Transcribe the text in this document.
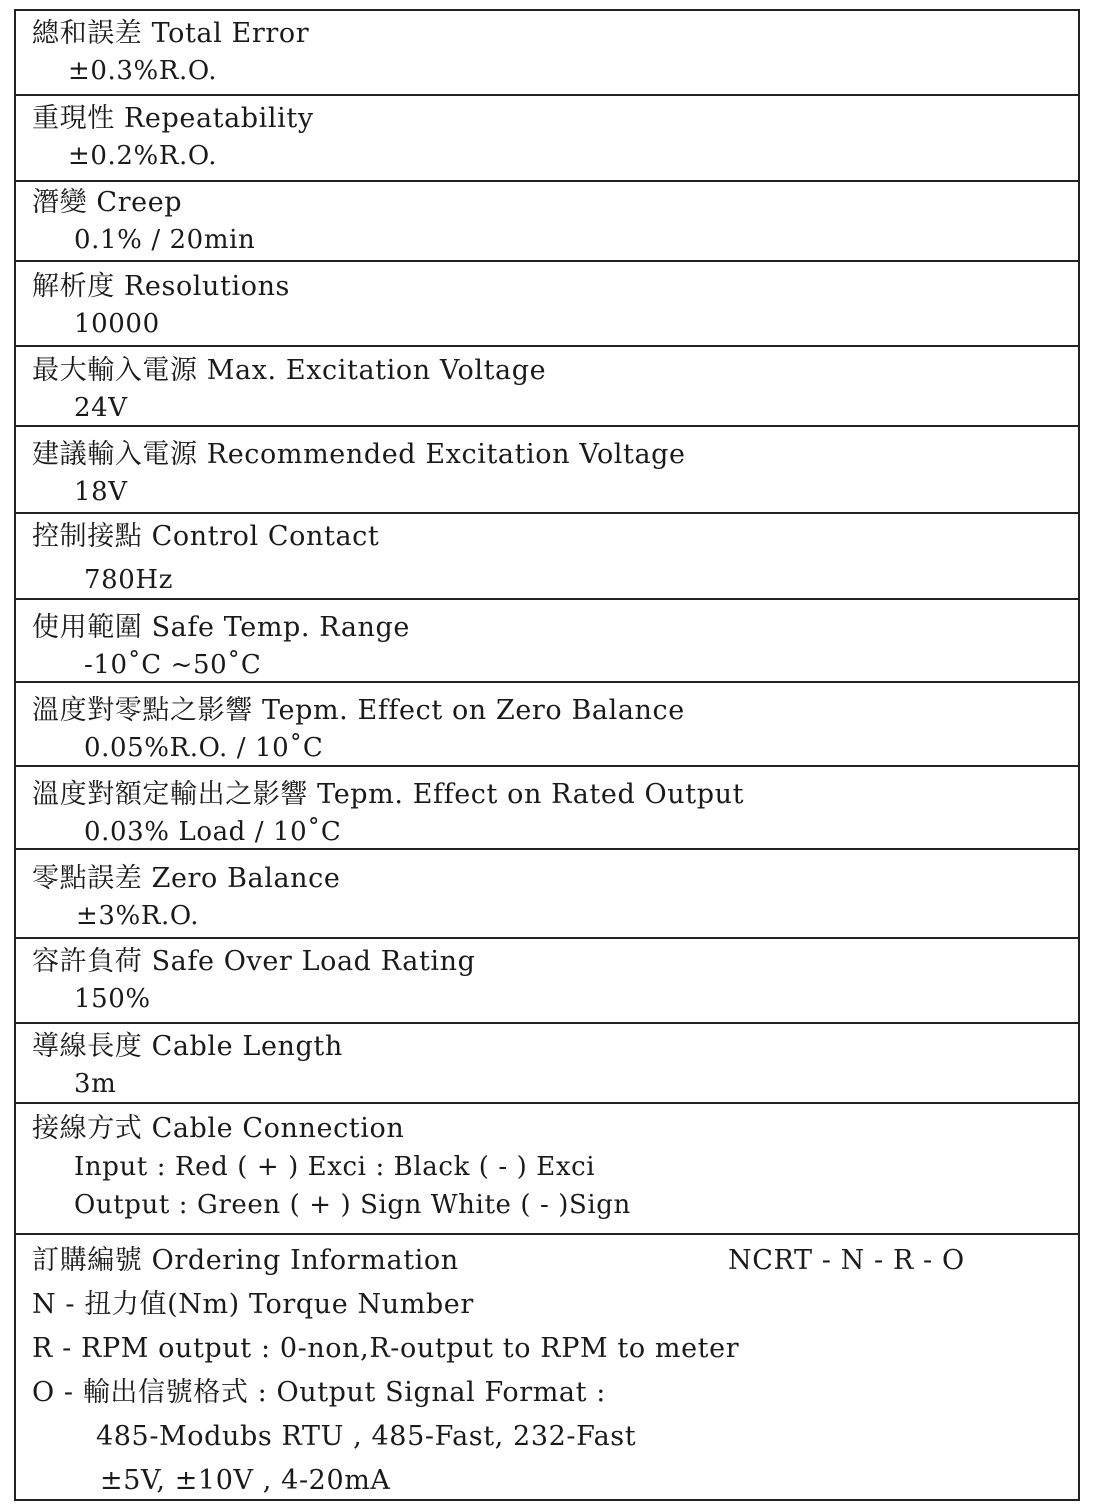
總和誤差 Total Error
±0.3%R.O.
重現性 Repeatability
±0.2%R.O.
潛變 Creep
0.1% / 20min
解析度 Resolutions
10000
最大輸入電源 Max. Excitation Voltage
24V
建議輸入電源 Recommended Excitation Voltage
18V
控制接點 Control Contact
780Hz
使用範圍 Safe Temp. Range
-10˚C ~50˚C
溫度對零點之影響 Tepm. Effect on Zero Balance
0.05%R.O. / 10˚C
溫度對額定輸出之影響 Tepm. Effect on Rated Output
0.03% Load / 10˚C
零點誤差 Zero Balance
±3%R.O.
容許負荷 Safe Over Load Rating
150%
導線長度 Cable Length
3m
接線方式 Cable Connection
Input : Red ( + ) Exci : Black ( - ) Exci
Output : Green ( + ) Sign White ( - )Sign
訂購編號 Ordering Information	NCRT - N - R - O
N - 扭力值(Nm) Torque Number
R - RPM output : 0-non,R-output to RPM to meter
O - 輸出信號格式 : Output Signal Format :
485-Modubs RTU , 485-Fast, 232-Fast
±5V, ±10V , 4-20mA
